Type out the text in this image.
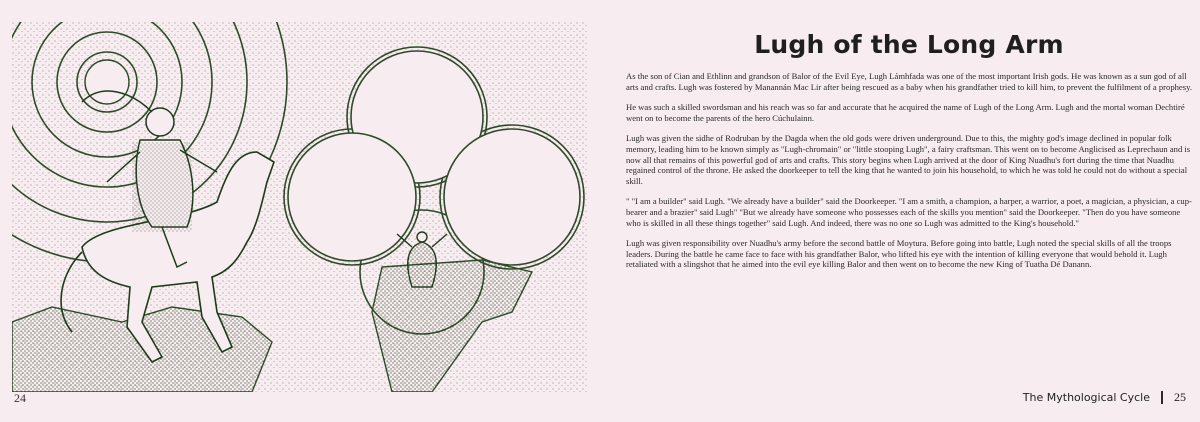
24
Lugh of the Long Arm

As the son of Cian and Ethlinn and grandson of Balor of the Evil Eye, Lugh Lámhfada was one of the most important Irish gods. He was known as a sun god of all arts and crafts. Lugh was fostered by Manannán Mac Lir after being rescued as a baby when his grandfather tried to kill him, to prevent the fulfilment of a prophesy.

He was such a skilled swordsman and his reach was so far and accurate that he acquired the name of Lugh of the Long Arm. Lugh and the mortal woman Dechtiré went on to become the parents of the hero Cúchulainn.

Lugh was given the sidhe of Rodruban by the Dagda when the old gods were driven underground. Due to this, the mighty god's image declined in popular folk memory, leading him to be known simply as "Lugh-chromain" or "little stooping Lugh", a fairy craftsman. This went on to become Anglicised as Leprechaun and is now all that remains of this powerful god of arts and crafts. This story begins when Lugh arrived at the door of King Nuadhu's fort during the time that Nuadhu regained control of the throne. He asked the doorkeeper to tell the king that he wanted to join his household, to which he was told he could not do without a special skill.

" "I am a builder" said Lugh. "We already have a builder" said the Doorkeeper. "I am a smith, a champion, a harper, a warrior, a poet, a magician, a physician, a cup-bearer and a brazier" said Lugh" "But we already have someone who possesses each of the skills you mention" said the Doorkeeper. "Then do you have someone who is skilled in all these things together" said Lugh. And indeed, there was no one so Lugh was admitted to the King's household."

Lugh was given responsibility over Nuadhu's army before the second battle of Moytura. Before going into battle, Lugh noted the special skills of all the troops leaders. During the battle he came face to face with his grandfather Balor, who lifted his eye with the intention of killing everyone that would behold it. Lugh retaliated with a slingshot that he aimed into the evil eye killing Balor and then went on to become the new King of Tuatha Dé Danann.

The Mythological Cycle 25
